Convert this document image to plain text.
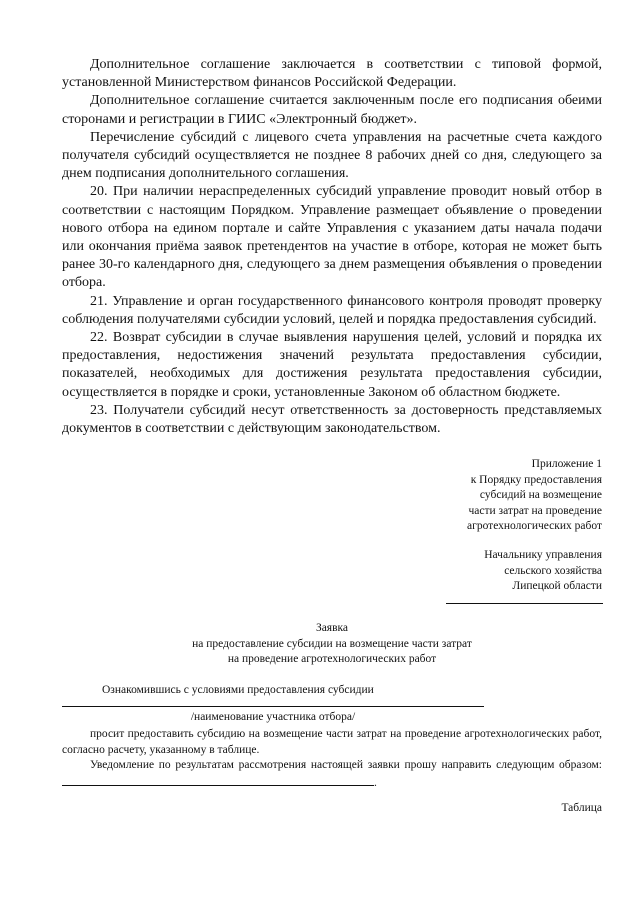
Дополнительное соглашение заключается в соответствии с типовой формой, установленной Министерством финансов Российской Федерации.

Дополнительное соглашение считается заключенным после его подписания обеими сторонами и регистрации в ГИИС «Электронный бюджет».

Перечисление субсидий с лицевого счета управления на расчетные счета каждого получателя субсидий осуществляется не позднее 8 рабочих дней со дня, следующего за днем подписания дополнительного соглашения.

20. При наличии нераспределенных субсидий управление проводит новый отбор в соответствии с настоящим Порядком. Управление размещает объявление о проведении нового отбора на едином портале и сайте Управления с указанием даты начала подачи или окончания приёма заявок претендентов на участие в отборе, которая не может быть ранее 30-го календарного дня, следующего за днем размещения объявления о проведении отбора.

21. Управление и орган государственного финансового контроля проводят проверку соблюдения получателями субсидии условий, целей и порядка предоставления субсидий.

22. Возврат субсидии в случае выявления нарушения целей, условий и порядка их предоставления, недостижения значений результата предоставления субсидии, показателей, необходимых для достижения результата предоставления субсидии, осуществляется в порядке и сроки, установленные Законом об областном бюджете.

23. Получатели субсидий несут ответственность за достоверность представляемых документов в соответствии с действующим законодательством.

Приложение 1
к Порядку предоставления
субсидий на возмещение
части затрат на проведение
агротехнологических работ
Начальнику управления
сельского хозяйства
Липецкой области
Заявка
на предоставление субсидии на возмещение части затрат
на проведение агротехнологических работ
Ознакомившись с условиями предоставления субсидии
/наименование участника отбора/

просит предоставить субсидию на возмещение части затрат на проведение агротехнологических работ, согласно расчету, указанному в таблице.

Уведомление по результатам рассмотрения настоящей заявки прошу направить следующим образом: .

Таблица
